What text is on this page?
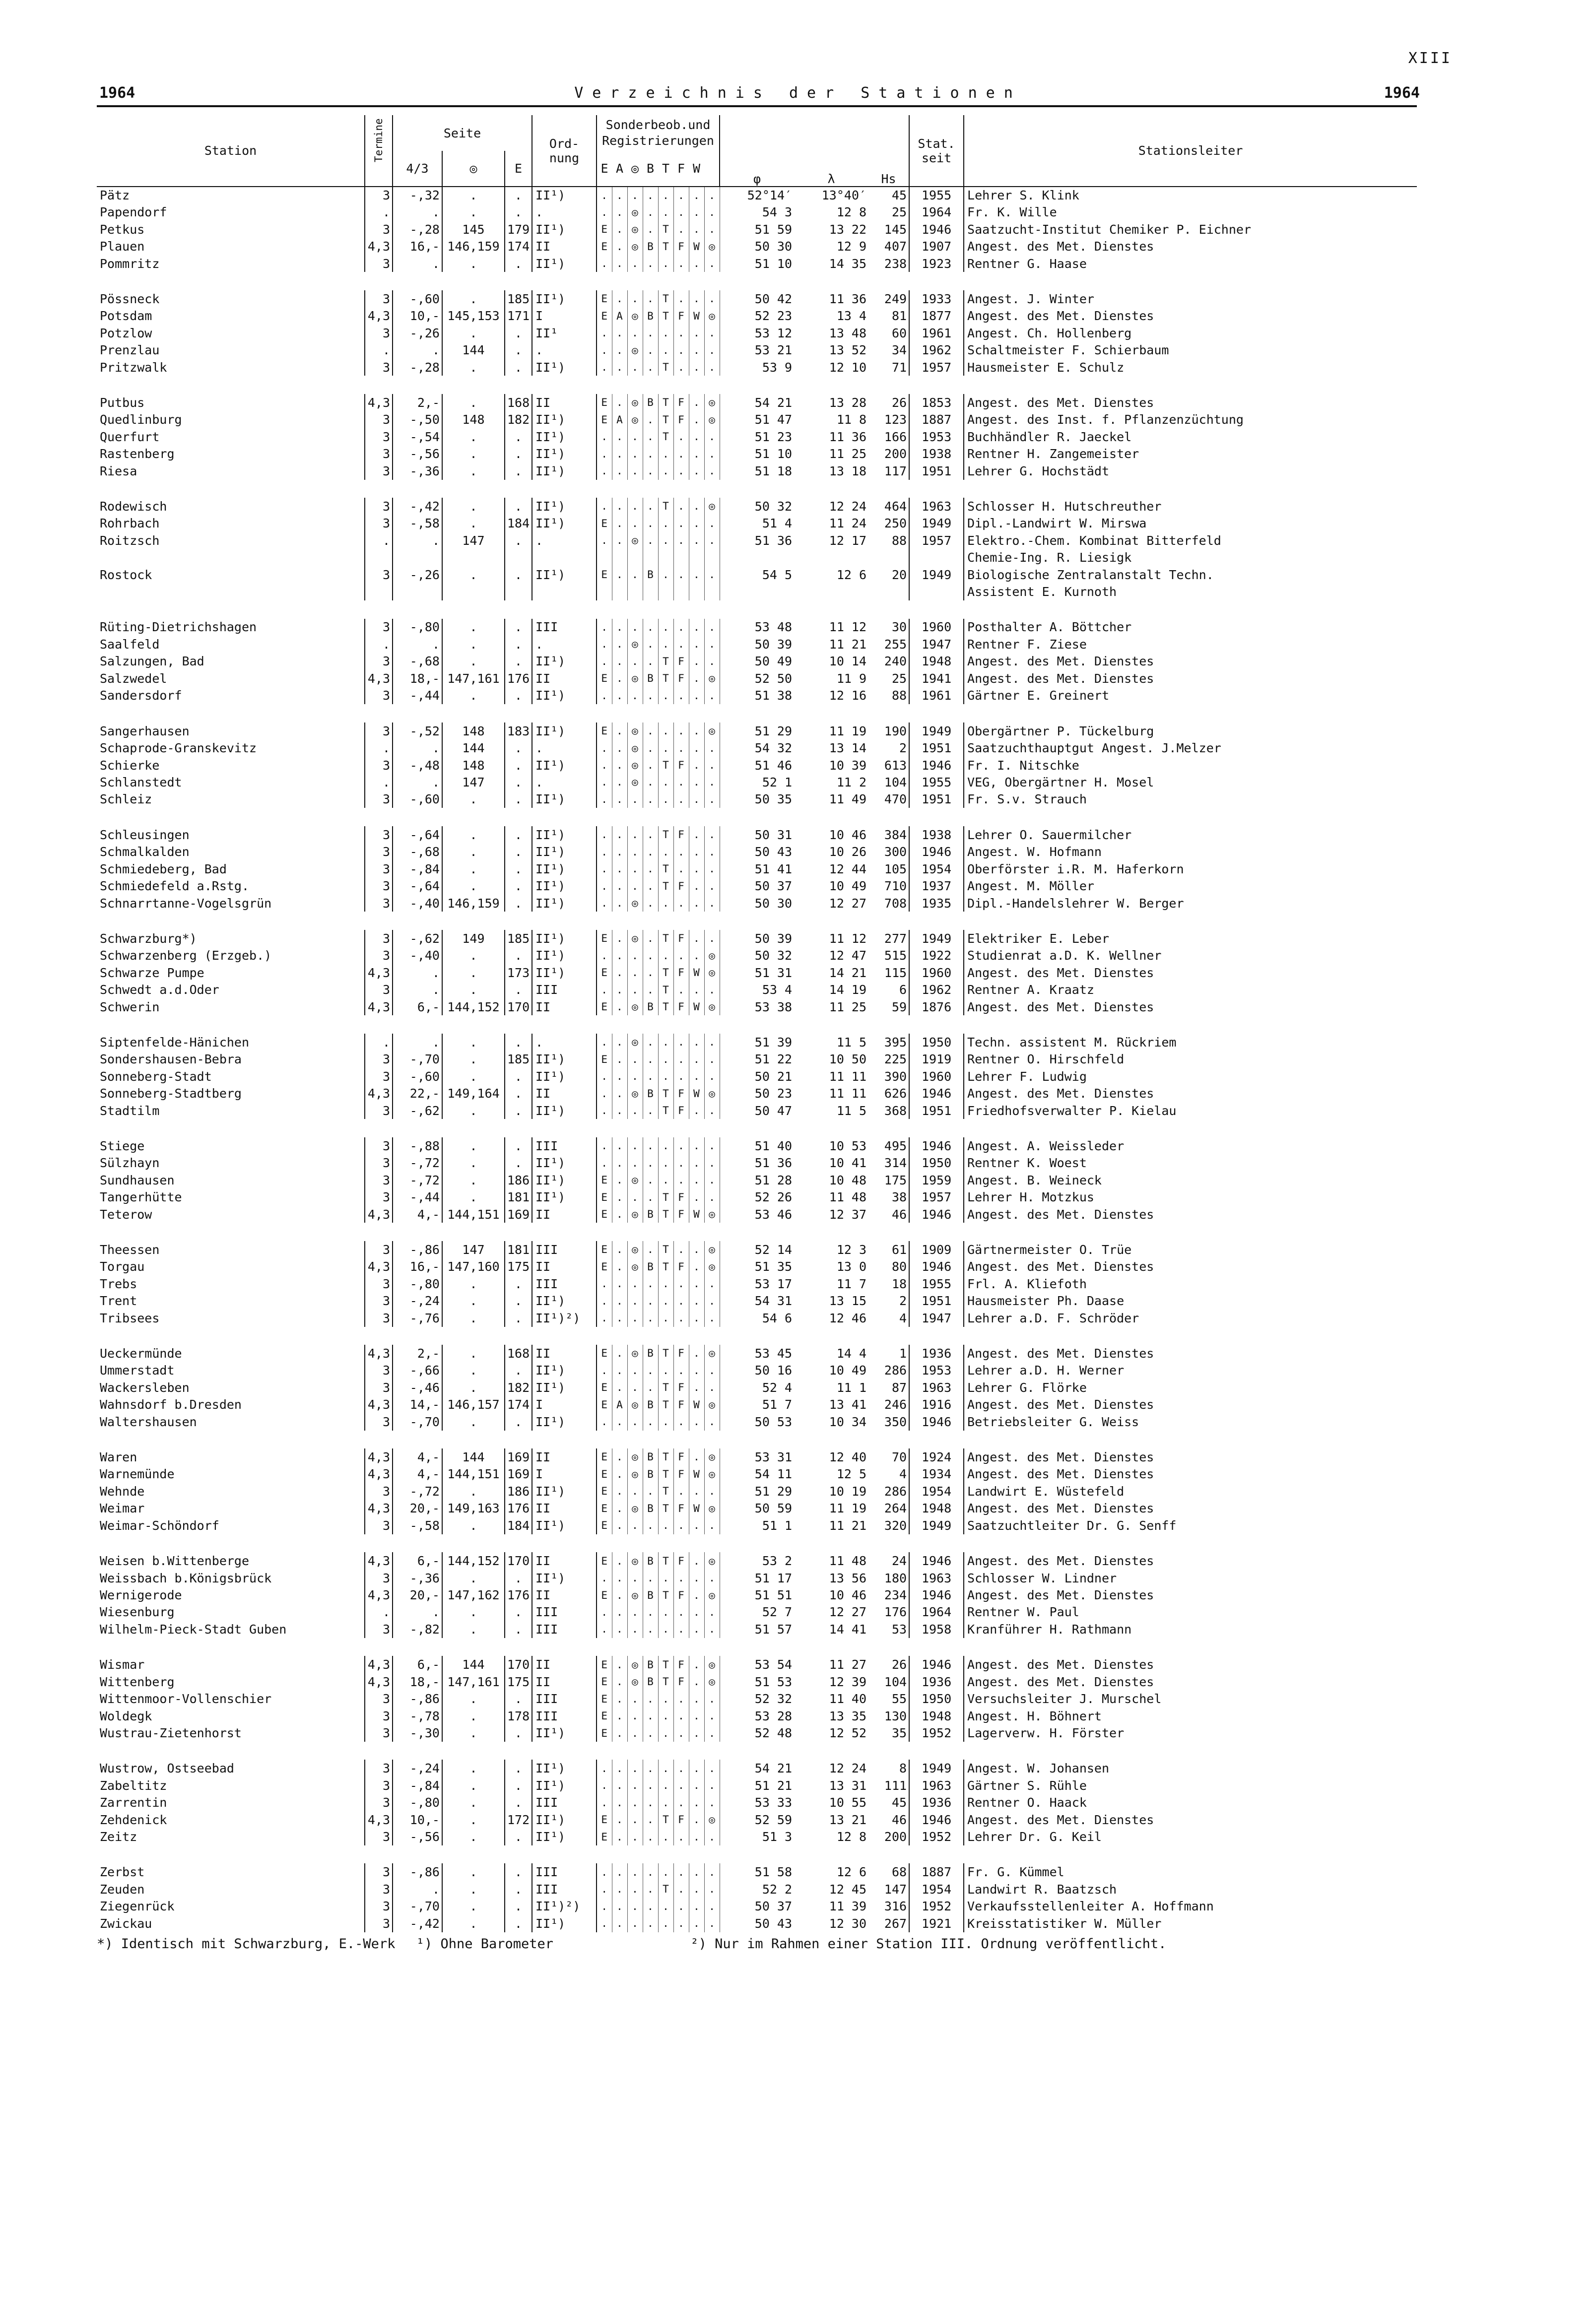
XIII
1964	Verzeichnis der Stationen	1964
Station	Termine	Seite			Ord- nung	Sonderbeob.und Registrierungen								φ	λ	Hs	Stat. seit	Stationsleiter
		4/3	◎	E		E	A	◎	B	T	F	W						
Pätz	3	-,32	.	.	II¹)	.	.	.	.	.	.	.	.	52°14′	13°40′	45	1955	Lehrer S. Klink
Papendorf	.	.	.	.	.	.	.	◎	.	.	.	.	.	54 3	12 8	25	1964	Fr. K. Wille
Petkus	3	-,28	145	179	II¹)	E	.	◎	.	T	.	.	.	51 59	13 22	145	1946	Saatzucht-Institut Chemiker P. Eichner
Plauen	4,3	16,-	146,159	174	II	E	.	◎	B	T	F	W	◎	50 30	12 9	407	1907	Angest. des Met. Dienstes
Pommritz	3	.	.	.	II¹)	.	.	.	.	.	.	.	.	51 10	14 35	238	1923	Rentner G. Haase

Pössneck	3	-,60	.	185	II¹)	E	.	.	.	T	.	.	.	50 42	11 36	249	1933	Angest. J. Winter
Potsdam	4,3	10,-	145,153	171	I	E	A	◎	B	T	F	W	◎	52 23	13 4	81	1877	Angest. des Met. Dienstes
Potzlow	3	-,26	.	.	II¹	.	.	.	.	.	.	.	.	53 12	13 48	60	1961	Angest. Ch. Hollenberg
Prenzlau	.	.	144	.	.	.	.	◎	.	.	.	.	.	53 21	13 52	34	1962	Schaltmeister F. Schierbaum
Pritzwalk	3	-,28	.	.	II¹)	.	.	.	.	T	.	.	.	53 9	12 10	71	1957	Hausmeister E. Schulz

Putbus	4,3	2,-	.	168	II	E	.	◎	B	T	F	.	◎	54 21	13 28	26	1853	Angest. des Met. Dienstes
Quedlinburg	3	-,50	148	182	II¹)	E	A	◎	.	T	F	.	◎	51 47	11 8	123	1887	Angest. des Inst. f. Pflanzenzüchtung
Querfurt	3	-,54	.	.	II¹)	.	.	.	.	T	.	.	.	51 23	11 36	166	1953	Buchhändler R. Jaeckel
Rastenberg	3	-,56	.	.	II¹)	.	.	.	.	.	.	.	.	51 10	11 25	200	1938	Rentner H. Zangemeister
Riesa	3	-,36	.	.	II¹)	.	.	.	.	.	.	.	.	51 18	13 18	117	1951	Lehrer G. Hochstädt

Rodewisch	3	-,42	.	.	II¹)	.	.	.	.	T	.	.	◎	50 32	12 24	464	1963	Schlosser H. Hutschreuther
Rohrbach	3	-,58	.	184	II¹)	E	.	.	.	.	.	.	.	51 4	11 24	250	1949	Dipl.-Landwirt W. Mirswa
Roitzsch	.	.	147	.	.	.	.	◎	.	.	.	.	.	51 36	12 17	88	1957	Elektro.-Chem. Kombinat Bitterfeld
																		Chemie-Ing. R. Liesigk
Rostock	3	-,26	.	.	II¹)	E	.	.	B	.	.	.	.	54 5	12 6	20	1949	Biologische Zentralanstalt Techn.
																		Assistent E. Kurnoth

Rüting-Dietrichshagen	3	-,80	.	.	III	.	.	.	.	.	.	.	.	53 48	11 12	30	1960	Posthalter A. Böttcher
Saalfeld	.	.	.	.	.	.	.	◎	.	.	.	.	.	50 39	11 21	255	1947	Rentner F. Ziese
Salzungen, Bad	3	-,68	.	.	II¹)	.	.	.	.	T	F	.	.	50 49	10 14	240	1948	Angest. des Met. Dienstes
Salzwedel	4,3	18,-	147,161	176	II	E	.	◎	B	T	F	.	◎	52 50	11 9	25	1941	Angest. des Met. Dienstes
Sandersdorf	3	-,44	.	.	II¹)	.	.	.	.	.	.	.	.	51 38	12 16	88	1961	Gärtner E. Greinert

Sangerhausen	3	-,52	148	183	II¹)	E	.	◎	.	.	.	.	◎	51 29	11 19	190	1949	Obergärtner P. Tückelburg
Schaprode-Granskevitz	.	.	144	.	.	.	.	◎	.	.	.	.	.	54 32	13 14	2	1951	Saatzuchthauptgut Angest. J.Melzer
Schierke	3	-,48	148	.	II¹)	.	.	◎	.	T	F	.	.	51 46	10 39	613	1946	Fr. I. Nitschke
Schlanstedt	.	.	147	.	.	.	.	◎	.	.	.	.	.	52 1	11 2	104	1955	VEG, Obergärtner H. Mosel
Schleiz	3	-,60	.	.	II¹)	.	.	.	.	.	.	.	.	50 35	11 49	470	1951	Fr. S.v. Strauch

Schleusingen	3	-,64	.	.	II¹)	.	.	.	.	T	F	.	.	50 31	10 46	384	1938	Lehrer O. Sauermilcher
Schmalkalden	3	-,68	.	.	II¹)	.	.	.	.	.	.	.	.	50 43	10 26	300	1946	Angest. W. Hofmann
Schmiedeberg, Bad	3	-,84	.	.	II¹)	.	.	.	.	T	.	.	.	51 41	12 44	105	1954	Oberförster i.R. M. Haferkorn
Schmiedefeld a.Rstg.	3	-,64	.	.	II¹)	.	.	.	.	T	F	.	.	50 37	10 49	710	1937	Angest. M. Möller
Schnarrtanne-Vogelsgrün	3	-,40	146,159	.	II¹)	.	.	◎	.	.	.	.	.	50 30	12 27	708	1935	Dipl.-Handelslehrer W. Berger

Schwarzburg*)	3	-,62	149	185	II¹)	E	.	◎	.	T	F	.	.	50 39	11 12	277	1949	Elektriker E. Leber
Schwarzenberg (Erzgeb.)	3	-,40	.	.	II¹)	.	.	.	.	.	.	.	◎	50 32	12 47	515	1922	Studienrat a.D. K. Wellner
Schwarze Pumpe	4,3	.	.	173	II¹)	E	.	.	.	T	F	W	◎	51 31	14 21	115	1960	Angest. des Met. Dienstes
Schwedt a.d.Oder	3	.	.	.	III	.	.	.	.	T	.	.	.	53 4	14 19	6	1962	Rentner A. Kraatz
Schwerin	4,3	6,-	144,152	170	II	E	.	◎	B	T	F	W	◎	53 38	11 25	59	1876	Angest. des Met. Dienstes

Siptenfelde-Hänichen	.	.	.	.	.	.	.	◎	.	.	.	.	.	51 39	11 5	395	1950	Techn. assistent M. Rückriem
Sondershausen-Bebra	3	-,70	.	185	II¹)	E	.	.	.	.	.	.	.	51 22	10 50	225	1919	Rentner O. Hirschfeld
Sonneberg-Stadt	3	-,60	.	.	II¹)	.	.	.	.	.	.	.	.	50 21	11 11	390	1960	Lehrer F. Ludwig
Sonneberg-Stadtberg	4,3	22,-	149,164	.	II	.	.	◎	B	T	F	W	◎	50 23	11 11	626	1946	Angest. des Met. Dienstes
Stadtilm	3	-,62	.	.	II¹)	.	.	.	.	T	F	.	.	50 47	11 5	368	1951	Friedhofsverwalter P. Kielau

Stiege	3	-,88	.	.	III	.	.	.	.	.	.	.	.	51 40	10 53	495	1946	Angest. A. Weissleder
Sülzhayn	3	-,72	.	.	II¹)	.	.	.	.	.	.	.	.	51 36	10 41	314	1950	Rentner K. Woest
Sundhausen	3	-,72	.	186	II¹)	E	.	◎	.	.	.	.	.	51 28	10 48	175	1959	Angest. B. Weineck
Tangerhütte	3	-,44	.	181	II¹)	E	.	.	.	T	F	.	.	52 26	11 48	38	1957	Lehrer H. Motzkus
Teterow	4,3	4,-	144,151	169	II	E	.	◎	B	T	F	W	◎	53 46	12 37	46	1946	Angest. des Met. Dienstes

Theessen	3	-,86	147	181	III	E	.	◎	.	T	.	.	◎	52 14	12 3	61	1909	Gärtnermeister O. Trüe
Torgau	4,3	16,-	147,160	175	II	E	.	◎	B	T	F	.	◎	51 35	13 0	80	1946	Angest. des Met. Dienstes
Trebs	3	-,80	.	.	III	.	.	.	.	.	.	.	.	53 17	11 7	18	1955	Frl. A. Kliefoth
Trent	3	-,24	.	.	II¹)	.	.	.	.	.	.	.	.	54 31	13 15	2	1951	Hausmeister Ph. Daase
Tribsees	3	-,76	.	.	II¹)²)	.	.	.	.	.	.	.	.	54 6	12 46	4	1947	Lehrer a.D. F. Schröder

Ueckermünde	4,3	2,-	.	168	II	E	.	◎	B	T	F	.	◎	53 45	14 4	1	1936	Angest. des Met. Dienstes
Ummerstadt	3	-,66	.	.	II¹)	.	.	.	.	.	.	.	.	50 16	10 49	286	1953	Lehrer a.D. H. Werner
Wackersleben	3	-,46	.	182	II¹)	E	.	.	.	T	F	.	.	52 4	11 1	87	1963	Lehrer G. Flörke
Wahnsdorf b.Dresden	4,3	14,-	146,157	174	I	E	A	◎	B	T	F	W	◎	51 7	13 41	246	1916	Angest. des Met. Dienstes
Waltershausen	3	-,70	.	.	II¹)	.	.	.	.	.	.	.	.	50 53	10 34	350	1946	Betriebsleiter G. Weiss

Waren	4,3	4,-	144	169	II	E	.	◎	B	T	F	.	◎	53 31	12 40	70	1924	Angest. des Met. Dienstes
Warnemünde	4,3	4,-	144,151	169	I	E	.	◎	B	T	F	W	◎	54 11	12 5	4	1934	Angest. des Met. Dienstes
Wehnde	3	-,72	.	186	II¹)	E	.	.	.	T	.	.	.	51 29	10 19	286	1954	Landwirt E. Wüstefeld
Weimar	4,3	20,-	149,163	176	II	E	.	◎	B	T	F	W	◎	50 59	11 19	264	1948	Angest. des Met. Dienstes
Weimar-Schöndorf	3	-,58	.	184	II¹)	E	.	.	.	.	.	.	.	51 1	11 21	320	1949	Saatzuchtleiter Dr. G. Senff

Weisen b.Wittenberge	4,3	6,-	144,152	170	II	E	.	◎	B	T	F	.	◎	53 2	11 48	24	1946	Angest. des Met. Dienstes
Weissbach b.Königsbrück	3	-,36	.	.	II¹)	.	.	.	.	.	.	.	.	51 17	13 56	180	1963	Schlosser W. Lindner
Wernigerode	4,3	20,-	147,162	176	II	E	.	◎	B	T	F	.	◎	51 51	10 46	234	1946	Angest. des Met. Dienstes
Wiesenburg	.	.	.	.	III	.	.	.	.	.	.	.	.	52 7	12 27	176	1964	Rentner W. Paul
Wilhelm-Pieck-Stadt Guben	3	-,82	.	.	III	.	.	.	.	.	.	.	.	51 57	14 41	53	1958	Kranführer H. Rathmann

Wismar	4,3	6,-	144	170	II	E	.	◎	B	T	F	.	◎	53 54	11 27	26	1946	Angest. des Met. Dienstes
Wittenberg	4,3	18,-	147,161	175	II	E	.	◎	B	T	F	.	◎	51 53	12 39	104	1936	Angest. des Met. Dienstes
Wittenmoor-Vollenschier	3	-,86	.	.	III	E	.	.	.	.	.	.	.	52 32	11 40	55	1950	Versuchsleiter J. Murschel
Woldegk	3	-,78	.	178	III	E	.	.	.	.	.	.	.	53 28	13 35	130	1948	Angest. H. Böhnert
Wustrau-Zietenhorst	3	-,30	.	.	II¹)	E	.	.	.	.	.	.	.	52 48	12 52	35	1952	Lagerverw. H. Förster

Wustrow, Ostseebad	3	-,24	.	.	II¹)	.	.	.	.	.	.	.	.	54 21	12 24	8	1949	Angest. W. Johansen
Zabeltitz	3	-,84	.	.	II¹)	.	.	.	.	.	.	.	.	51 21	13 31	111	1963	Gärtner S. Rühle
Zarrentin	3	-,80	.	.	III	.	.	.	.	.	.	.	.	53 33	10 55	45	1936	Rentner O. Haack
Zehdenick	4,3	10,-	.	172	II¹)	E	.	.	.	T	F	.	◎	52 59	13 21	46	1946	Angest. des Met. Dienstes
Zeitz	3	-,56	.	.	II¹)	E	.	.	.	.	.	.	.	51 3	12 8	200	1952	Lehrer Dr. G. Keil

Zerbst	3	-,86	.	.	III	.	.	.	.	.	.	.	.	51 58	12 6	68	1887	Fr. G. Kümmel
Zeuden	3	.	.	.	III	.	.	.	.	T	.	.	.	52 2	12 45	147	1954	Landwirt R. Baatzsch
Ziegenrück	3	-,70	.	.	II¹)²)	.	.	.	.	.	.	.	.	50 37	11 39	316	1952	Verkaufsstellenleiter A. Hoffmann
Zwickau	3	-,42	.	.	II¹)	.	.	.	.	.	.	.	.	50 43	12 30	267	1921	Kreisstatistiker W. Müller
*) Identisch mit Schwarzburg, E.-Werk ¹) Ohne Barometer	²) Nur im Rahmen einer Station III. Ordnung veröffentlicht.
